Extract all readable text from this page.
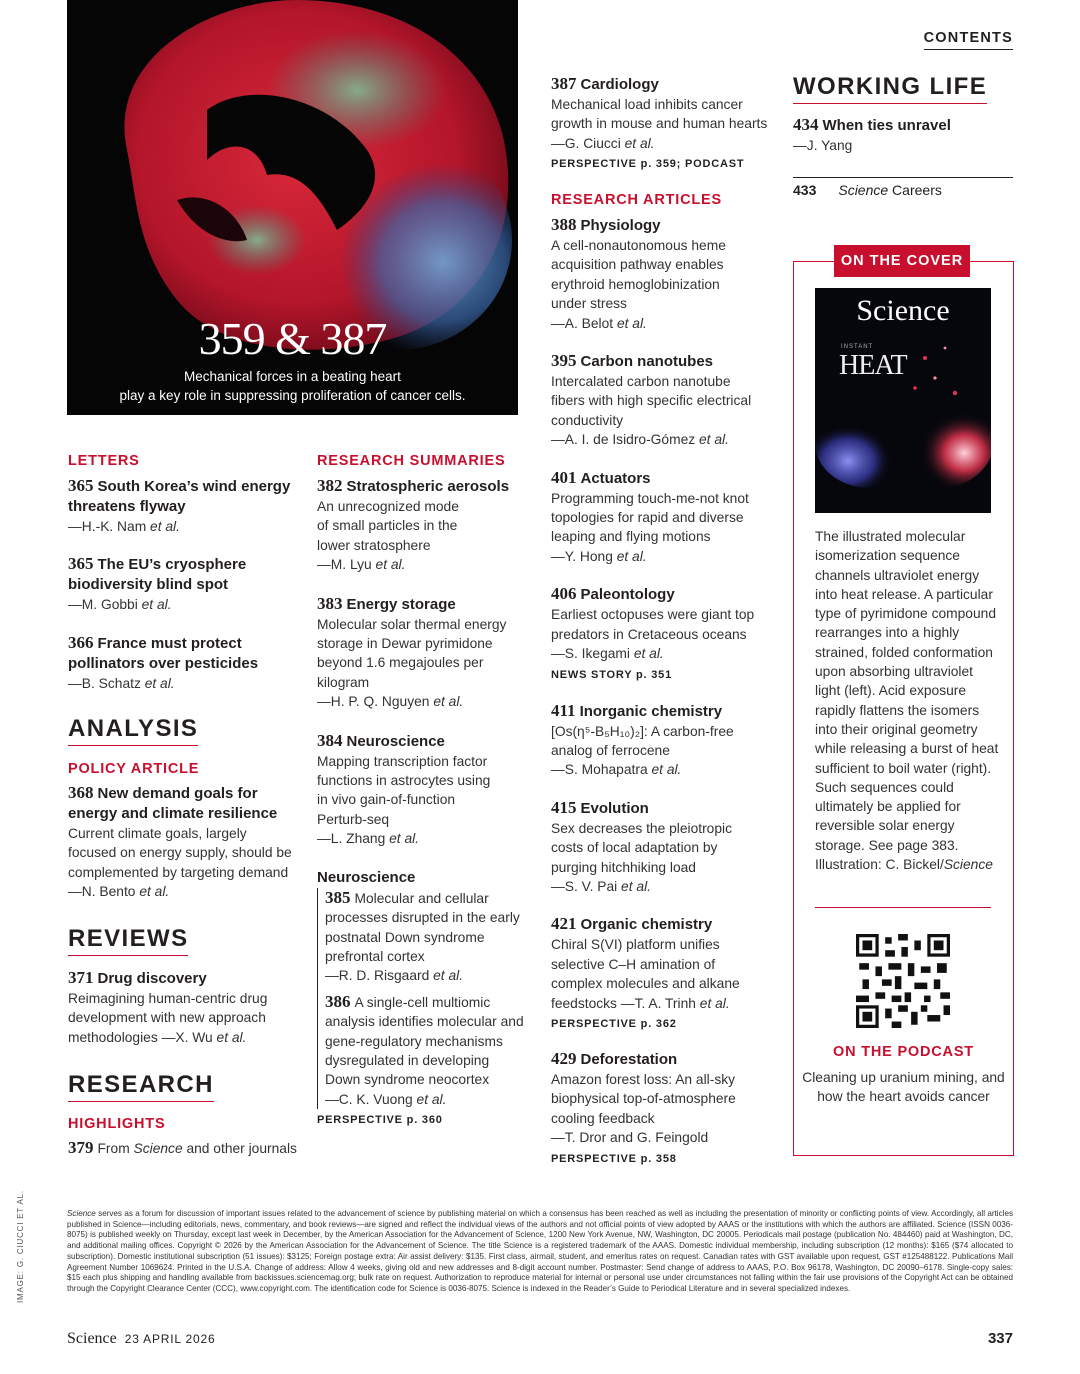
359 & 387
Mechanical forces in a beating heart
play a key role in suppressing proliferation of cancer cells.
CONTENTS
LETTERS
365 South Korea’s wind energy threatens flyway
—H.-K. Nam et al.
365 The EU’s cryosphere biodiversity blind spot
—M. Gobbi et al.
366 France must protect pollinators over pesticides
—B. Schatz et al.
ANALYSIS
POLICY ARTICLE
368 New demand goals for energy and climate resilience
Current climate goals, largely focused on energy supply, should be complemented by targeting demand
—N. Bento et al.
REVIEWS
371 Drug discovery
Reimagining human-centric drug development with new approach methodologies —X. Wu et al.
RESEARCH
HIGHLIGHTS
379 From Science and other journals
RESEARCH SUMMARIES
382 Stratospheric aerosols
An unrecognized mode of small particles in the lower stratosphere
—M. Lyu et al.
383 Energy storage
Molecular solar thermal energy storage in Dewar pyrimidone beyond 1.6 megajoules per kilogram
—H. P. Q. Nguyen et al.
384 Neuroscience
Mapping transcription factor functions in astrocytes using in vivo gain-of-function Perturb-seq
—L. Zhang et al.
Neuroscience
385 Molecular and cellular processes disrupted in the early postnatal Down syndrome prefrontal cortex
—R. D. Risgaard et al.
386 A single-cell multiomic analysis identifies molecular and gene-regulatory mechanisms dysregulated in developing Down syndrome neocortex
—C. K. Vuong et al.
PERSPECTIVE p. 360
387 Cardiology
Mechanical load inhibits cancer growth in mouse and human hearts
—G. Ciucci et al.
PERSPECTIVE p. 359; PODCAST
RESEARCH ARTICLES
388 Physiology
A cell-nonautonomous heme acquisition pathway enables erythroid hemoglobinization under stress
—A. Belot et al.
395 Carbon nanotubes
Intercalated carbon nanotube fibers with high specific electrical conductivity
—A. I. de Isidro-Gómez et al.
401 Actuators
Programming touch-me-not knot topologies for rapid and diverse leaping and flying motions
—Y. Hong et al.
406 Paleontology
Earliest octopuses were giant top predators in Cretaceous oceans
—S. Ikegami et al.
NEWS STORY p. 351
411 Inorganic chemistry
[Os(η⁵-B₅H₁₀)₂]: A carbon-free analog of ferrocene
—S. Mohapatra et al.
415 Evolution
Sex decreases the pleiotropic costs of local adaptation by purging hitchhiking load
—S. V. Pai et al.
421 Organic chemistry
Chiral S(VI) platform unifies selective C–H amination of complex molecules and alkane feedstocks —T. A. Trinh et al.
PERSPECTIVE p. 362
429 Deforestation
Amazon forest loss: An all-sky biophysical top-of-atmosphere cooling feedback
—T. Dror and G. Feingold
PERSPECTIVE p. 358
WORKING LIFE
434 When ties unravel
—J. Yang
433 Science Careers
ON THE COVER
Science
INSTANT
HEAT
The illustrated molecular isomerization sequence channels ultraviolet energy into heat release. A particular type of pyrimidone compound rearranges into a highly strained, folded conformation upon absorbing ultraviolet light (left). Acid exposure rapidly flattens the isomers into their original geometry while releasing a burst of heat sufficient to boil water (right). Such sequences could ultimately be applied for reversible solar energy storage. See page 383. Illustration: C. Bickel/Science
ON THE PODCAST
Cleaning up uranium mining, and how the heart avoids cancer
Science serves as a forum for discussion of important issues related to the advancement of science by publishing material on which a consensus has been reached as well as including the presentation of minority or conflicting points of view. Accordingly, all articles published in Science—including editorials, news, commentary, and book reviews—are signed and reflect the individual views of the authors and not official points of view adopted by AAAS or the institutions with which the authors are affiliated. Science (ISSN 0036-8075) is published weekly on Thursday, except last week in December, by the American Association for the Advancement of Science, 1200 New York Avenue, NW, Washington, DC 20005. Periodicals mail postage (publication No. 484460) paid at Washington, DC, and additional mailing offices. Copyright © 2026 by the American Association for the Advancement of Science. The title Science is a registered trademark of the AAAS. Domestic individual membership, including subscription (12 months): $165 ($74 allocated to subscription). Domestic institutional subscription (51 issues): $3125; Foreign postage extra: Air assist delivery: $135. First class, airmail, student, and emeritus rates on request. Canadian rates with GST available upon request, GST #125488122. Publications Mail Agreement Number 1069624. Printed in the U.S.A. Change of address: Allow 4 weeks, giving old and new addresses and 8-digit account number. Postmaster: Send change of address to AAAS, P.O. Box 96178, Washington, DC 20090–6178. Single-copy sales: $15 each plus shipping and handling available from backissues.sciencemag.org; bulk rate on request. Authorization to reproduce material for internal or personal use under circumstances not falling within the fair use provisions of the Copyright Act can be obtained through the Copyright Clearance Center (CCC), www.copyright.com. The identification code for Science is 0036-8075. Science is indexed in the Reader’s Guide to Periodical Literature and in several specialized indexes.
IMAGE: G. CIUCCI ET AL.
Science 23 APRIL 2026	337
